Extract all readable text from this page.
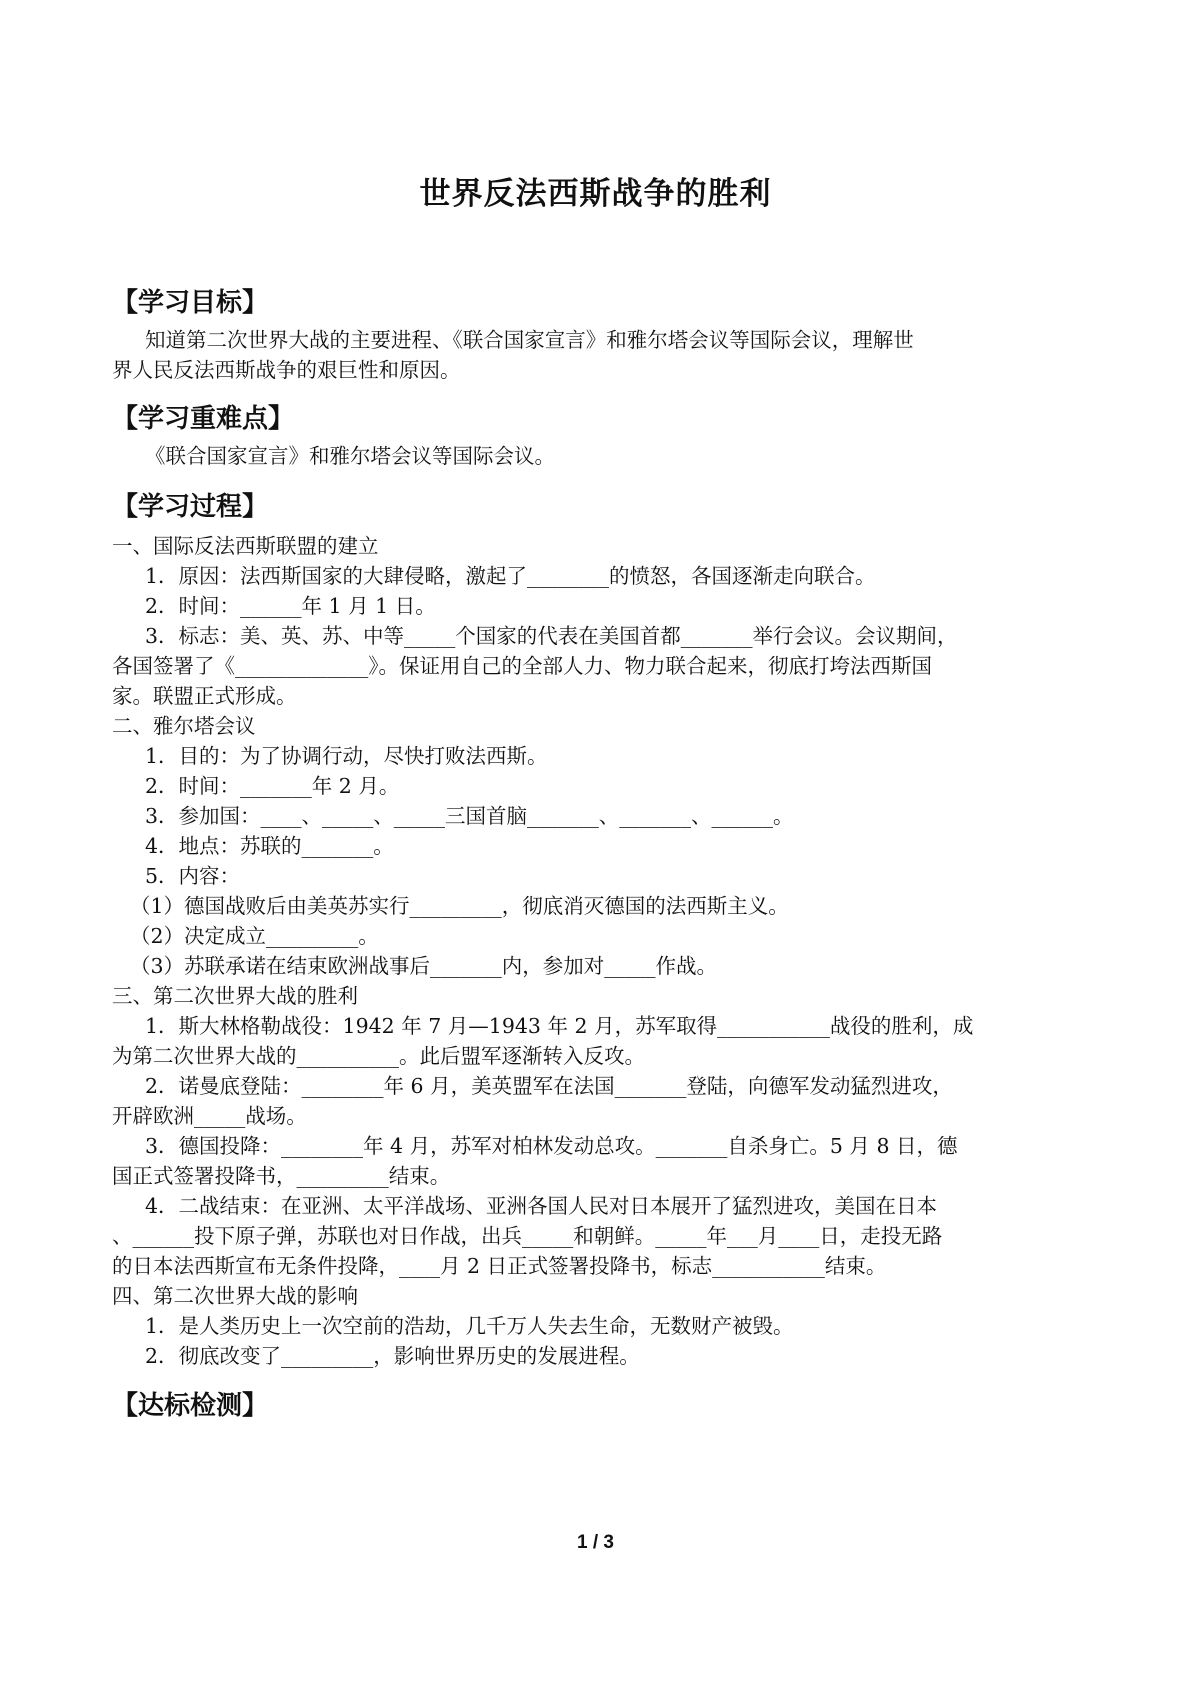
世界反法西斯战争的胜利
【学习目标】
知道第二次世界大战的主要进程、《联合国家宣言》和雅尔塔会议等国际会议，理解世
界人民反法西斯战争的艰巨性和原因。
【学习重难点】
《联合国家宣言》和雅尔塔会议等国际会议。
【学习过程】
一、国际反法西斯联盟的建立
1．原因：法西斯国家的大肆侵略，激起了________的愤怒，各国逐渐走向联合。
2．时间：______年 1 月 1 日。
3．标志：美、英、苏、中等_____个国家的代表在美国首都_______举行会议。会议期间，
各国签署了《_____________》。保证用自己的全部人力、物力联合起来，彻底打垮法西斯国
家。联盟正式形成。
二、雅尔塔会议
1．目的：为了协调行动，尽快打败法西斯。
2．时间：_______年 2 月。
3．参加国：____、_____、_____三国首脑_______、_______、______。
4．地点：苏联的_______。
5．内容：
（1）德国战败后由美英苏实行_________，彻底消灭德国的法西斯主义。
（2）决定成立_________。
（3）苏联承诺在结束欧洲战事后_______内，参加对_____作战。
三、第二次世界大战的胜利
1．斯大林格勒战役：1942 年 7 月—1943 年 2 月，苏军取得___________战役的胜利，成
为第二次世界大战的__________。此后盟军逐渐转入反攻。
2．诺曼底登陆：________年 6 月，美英盟军在法国_______登陆，向德军发动猛烈进攻，
开辟欧洲_____战场。
3．德国投降：________年 4 月，苏军对柏林发动总攻。_______自杀身亡。5 月 8 日，德
国正式签署投降书，_________结束。
4．二战结束：在亚洲、太平洋战场、亚洲各国人民对日本展开了猛烈进攻，美国在日本
、______投下原子弹，苏联也对日作战，出兵_____和朝鲜。_____年___月____日，走投无路
的日本法西斯宣布无条件投降，____月 2 日正式签署投降书，标志___________结束。
四、第二次世界大战的影响
1．是人类历史上一次空前的浩劫，几千万人失去生命，无数财产被毁。
2．彻底改变了_________，影响世界历史的发展进程。
【达标检测】
1 / 3
